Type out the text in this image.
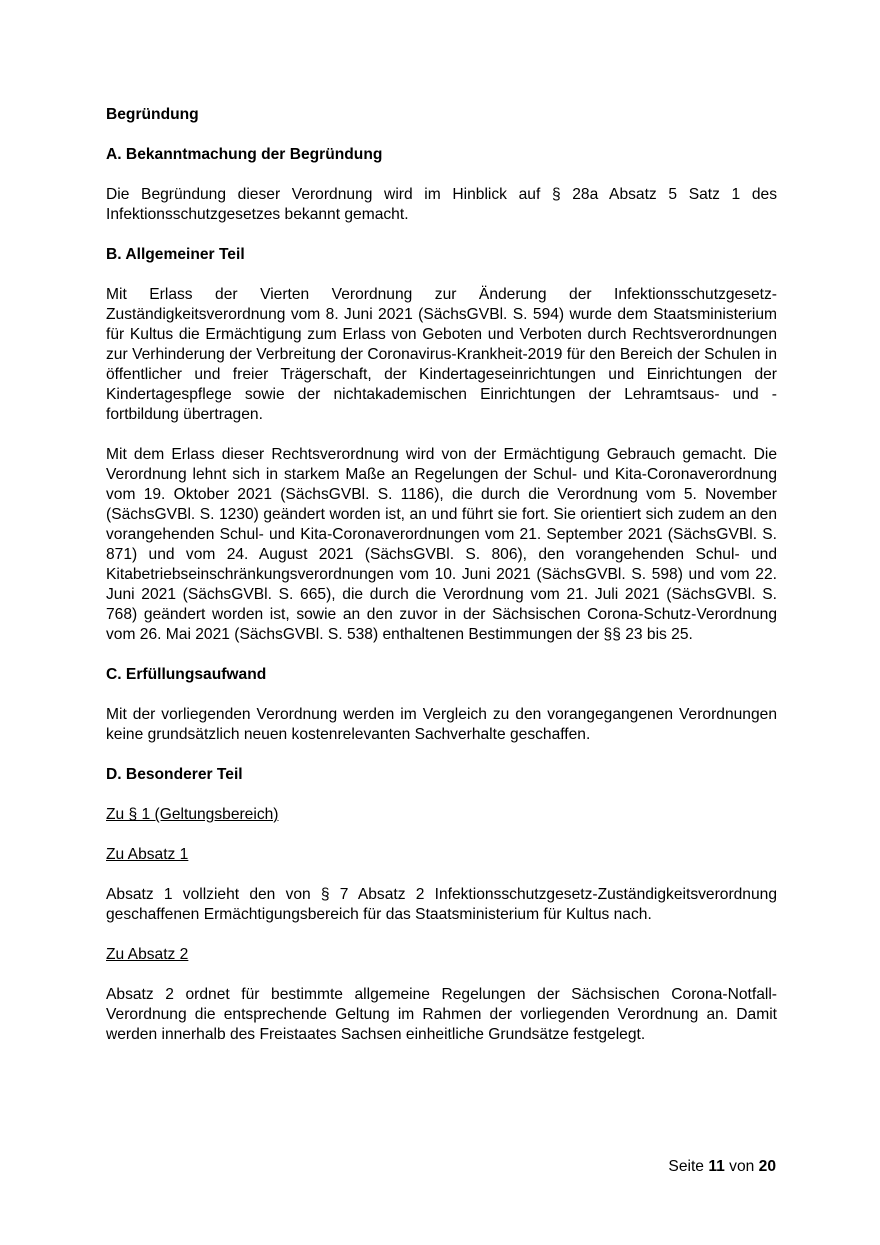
Begründung
A. Bekanntmachung der Begründung
Die Begründung dieser Verordnung wird im Hinblick auf § 28a Absatz 5 Satz 1 des Infektionsschutzgesetzes bekannt gemacht.
B. Allgemeiner Teil
Mit Erlass der Vierten Verordnung zur Änderung der Infektionsschutzgesetz-Zuständigkeitsverordnung vom 8. Juni 2021 (SächsGVBl. S. 594) wurde dem Staatsministerium für Kultus die Ermächtigung zum Erlass von Geboten und Verboten durch Rechtsverordnungen zur Verhinderung der Verbreitung der Coronavirus-Krankheit-2019 für den Bereich der Schulen in öffentlicher und freier Trägerschaft, der Kindertageseinrichtungen und Einrichtungen der Kindertagespflege sowie der nichtakademischen Einrichtungen der Lehramtsaus- und -fortbildung übertragen.
Mit dem Erlass dieser Rechtsverordnung wird von der Ermächtigung Gebrauch gemacht. Die Verordnung lehnt sich in starkem Maße an Regelungen der Schul- und Kita-Coronaverordnung vom 19. Oktober 2021 (SächsGVBl. S. 1186), die durch die Verordnung vom 5. November (SächsGVBl. S. 1230) geändert worden ist, an und führt sie fort. Sie orientiert sich zudem an den vorangehenden Schul- und Kita-Coronaverordnungen vom 21. September 2021 (SächsGVBl. S. 871) und vom 24. August 2021 (SächsGVBl. S. 806), den vorangehenden Schul- und Kitabetriebseinschränkungsverordnungen vom 10. Juni 2021 (SächsGVBl. S. 598) und vom 22. Juni 2021 (SächsGVBl. S. 665), die durch die Verordnung vom 21. Juli 2021 (SächsGVBl. S. 768) geändert worden ist, sowie an den zuvor in der Sächsischen Corona-Schutz-Verordnung vom 26. Mai 2021 (SächsGVBl. S. 538) enthaltenen Bestimmungen der §§ 23 bis 25.
C. Erfüllungsaufwand
Mit der vorliegenden Verordnung werden im Vergleich zu den vorangegangenen Verordnungen keine grundsätzlich neuen kostenrelevanten Sachverhalte geschaffen.
D. Besonderer Teil
Zu § 1 (Geltungsbereich)
Zu Absatz 1
Absatz 1 vollzieht den von § 7 Absatz 2 Infektionsschutzgesetz-Zuständigkeitsverordnung geschaffenen Ermächtigungsbereich für das Staatsministerium für Kultus nach.
Zu Absatz 2
Absatz 2 ordnet für bestimmte allgemeine Regelungen der Sächsischen Corona-Notfall-Verordnung die entsprechende Geltung im Rahmen der vorliegenden Verordnung an. Damit werden innerhalb des Freistaates Sachsen einheitliche Grundsätze festgelegt.
Seite 11 von 20
